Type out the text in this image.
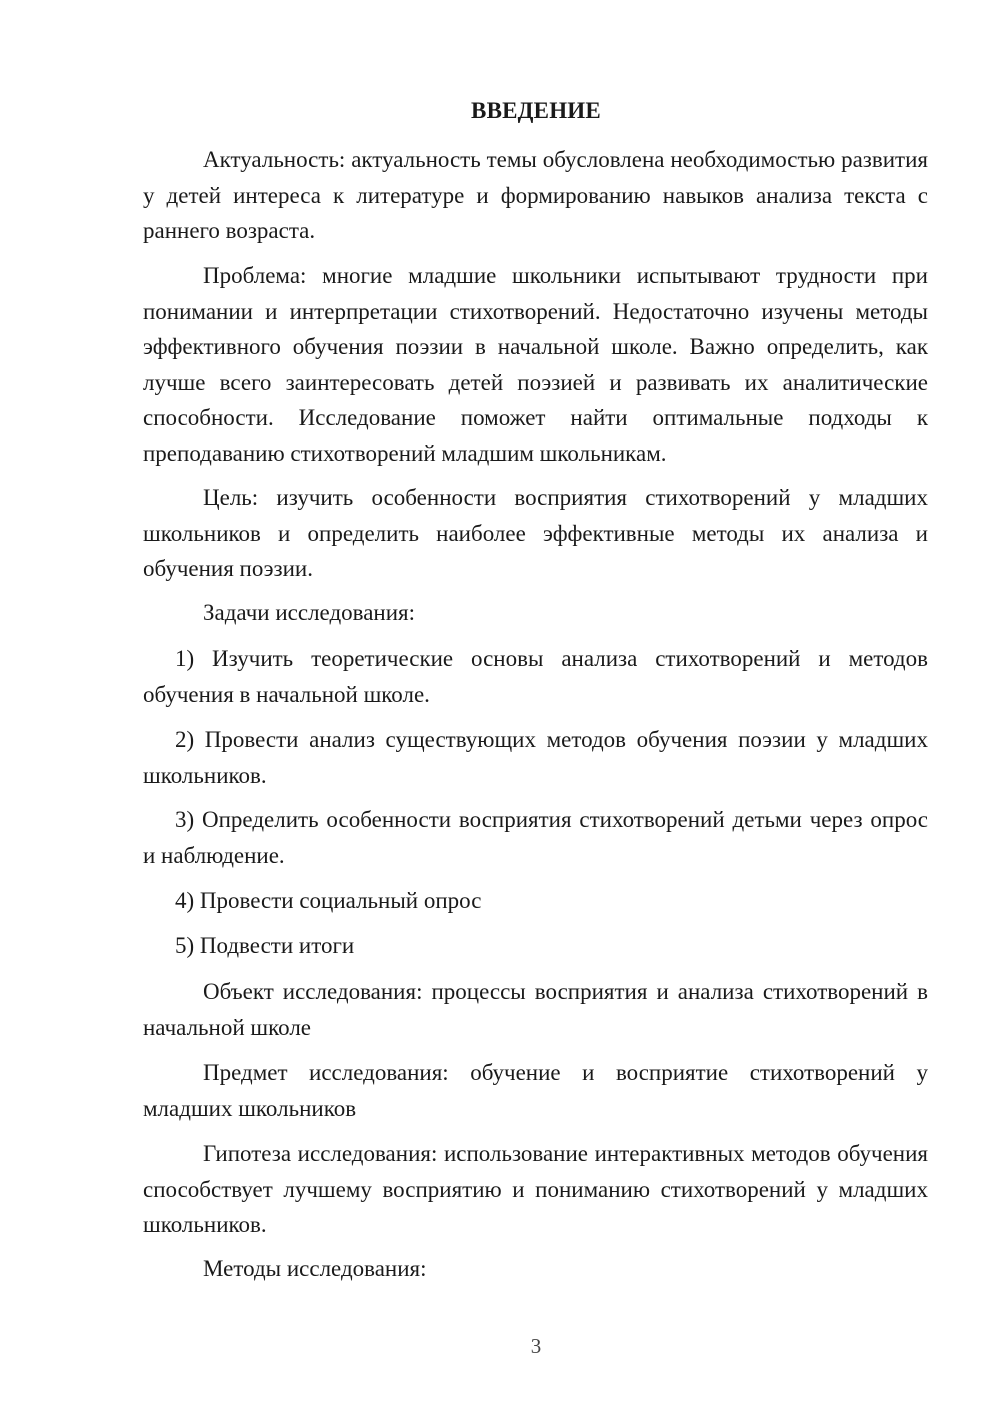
ВВЕДЕНИЕ

Актуальность: актуальность темы обусловлена необходимостью развития у детей интереса к литературе и формированию навыков анализа текста с раннего возраста.

Проблема: многие младшие школьники испытывают трудности при понимании и интерпретации стихотворений. Недостаточно изучены методы эффективного обучения поэзии в начальной школе. Важно определить, как лучше всего заинтересовать детей поэзией и развивать их аналитические способности. Исследование поможет найти оптимальные подходы к преподаванию стихотворений младшим школьникам.

Цель: изучить особенности восприятия стихотворений у младших школьников и определить наиболее эффективные методы их анализа и обучения поэзии.

Задачи исследования:

1) Изучить теоретические основы анализа стихотворений и методов обучения в начальной школе.

2) Провести анализ существующих методов обучения поэзии у младших школьников.

3) Определить особенности восприятия стихотворений детьми через опрос и наблюдение.

4) Провести социальный опрос

5) Подвести итоги

Объект исследования: процессы восприятия и анализа стихотворений в начальной школе

Предмет исследования: обучение и восприятие стихотворений у младших школьников

Гипотеза исследования: использование интерактивных методов обучения способствует лучшему восприятию и пониманию стихотворений у младших школьников.

Методы исследования:

3
